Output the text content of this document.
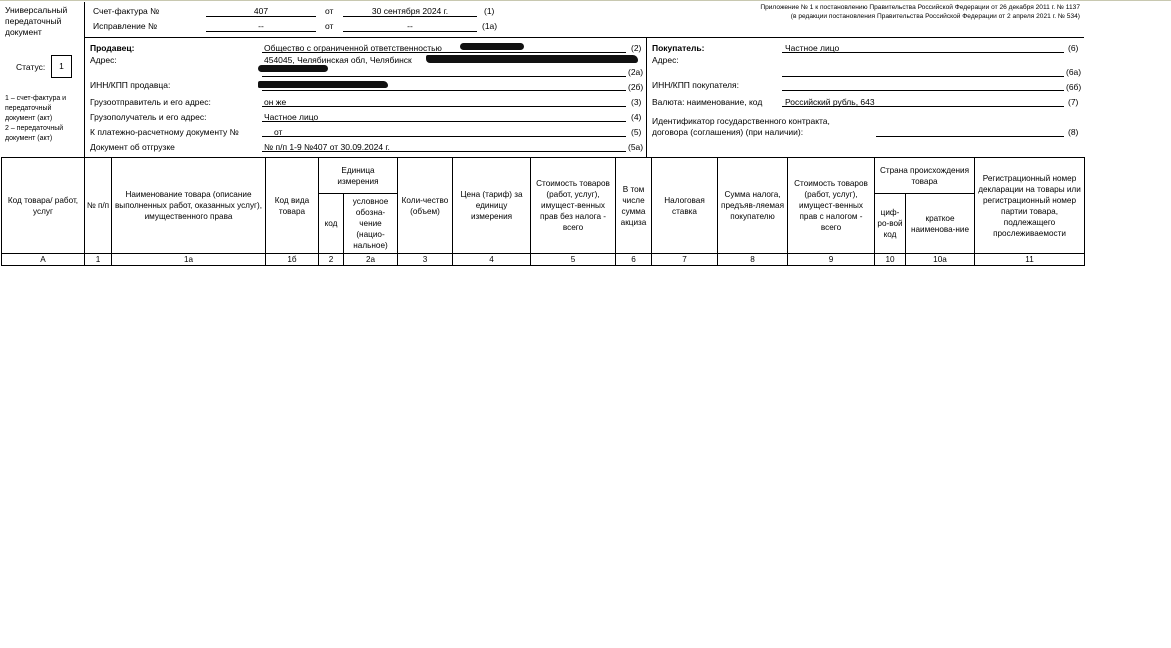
Универсальный передаточный документ
Статус:	1
1 – счет-фактура и передаточный документ (акт)
2 – передаточный документ (акт)
Счет-фактура №	407	от	30 сентября 2024 г.	(1)
Исправление №	--	от	--	(1а)
Приложение № 1 к постановлению Правительства Российской Федерации от 26 декабря 2011 г. № 1137
(в редакции постановления Правительства Российской Федерации от 2 апреля 2021 г. № 534)
Продавец:	Общество с ограниченной ответственностью	(2)
Адрес:	454045, Челябинская обл, Челябинск
(2а)
ИНН/КПП продавца:	(2б)
Грузоотправитель и его адрес:	он же	(3)
Грузополучатель и его адрес:	Частное лицо	(4)
К платежно-расчетному документу №	от	(5)
Документ об отгрузке	№ п/п 1-9 №407 от 30.09.2024 г.	(5а)
Покупатель:	Частное лицо	(6)
Адрес:
(6а)
ИНН/КПП покупателя:	(6б)
Валюта: наименование, код	Российский рубль, 643	(7)
Идентификатор государственного контракта,
договора (соглашения) (при наличии):	(8)
Код товара/ работ, услуг	№ п/п	Наименование товара (описание выполненных работ, оказанных услуг), имущественного права	Код вида товара	Единица измерения		Коли-чество (объем)	Цена (тариф) за единицу измерения	Стоимость товаров (работ, услуг), имущест-венных прав без налога - всего	В том числе сумма акциза	Налоговая ставка	Сумма налога, предъяв-ляемая покупателю	Стоимость товаров (работ, услуг), имущест-венных прав с налогом - всего	Страна происхождения товара		Регистрационный номер декларации на товары или регистрационный номер партии товара, подлежащего прослеживаемости
				код	условное обозна-чение (нацио-нальное)								циф-ро-вой код	краткое наименова-ние	
А	1	1а	1б	2	2а	3	4	5	6	7	8	9	10	10а	11
